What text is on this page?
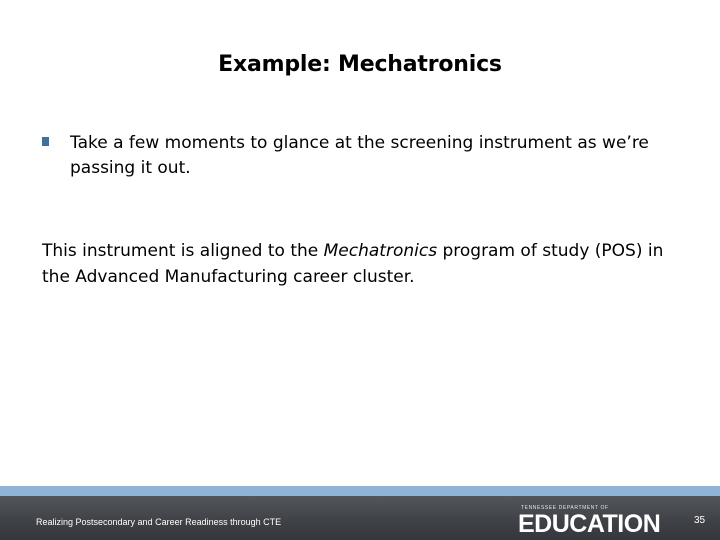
Example: Mechatronics
Take a few moments to glance at the screening instrument as we’re passing it out.
This instrument is aligned to the Mechatronics program of study (POS) in the Advanced Manufacturing career cluster.
Realizing Postsecondary and Career Readiness through CTE
TENNESSEE DEPARTMENT OF
EDUCATION	35
